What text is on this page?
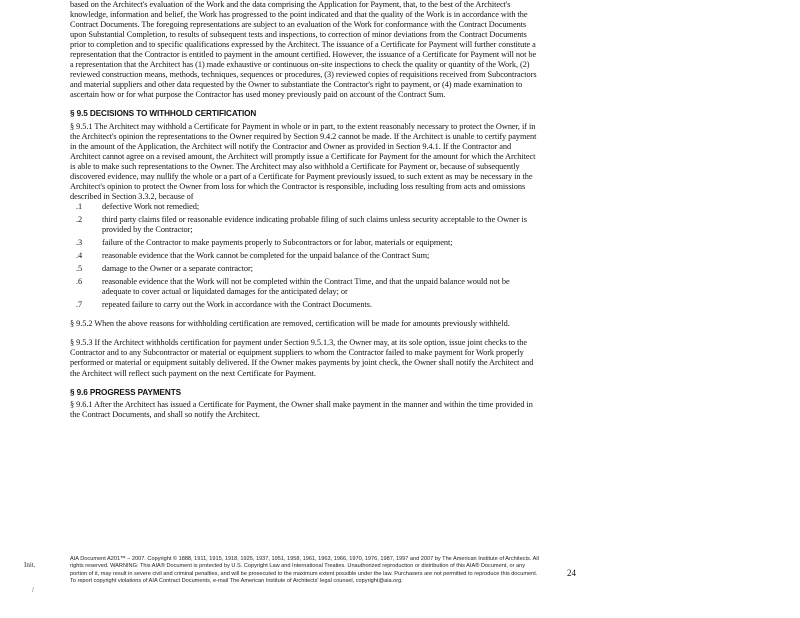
based on the Architect's evaluation of the Work and the data comprising the Application for Payment, that, to the best of the Architect's knowledge, information and belief, the Work has progressed to the point indicated and that the quality of the Work is in accordance with the Contract Documents. The foregoing representations are subject to an evaluation of the Work for conformance with the Contract Documents upon Substantial Completion, to results of subsequent tests and inspections, to correction of minor deviations from the Contract Documents prior to completion and to specific qualifications expressed by the Architect. The issuance of a Certificate for Payment will further constitute a representation that the Contractor is entitled to payment in the amount certified. However, the issuance of a Certificate for Payment will not be a representation that the Architect has (1) made exhaustive or continuous on-site inspections to check the quality or quantity of the Work, (2) reviewed construction means, methods, techniques, sequences or procedures, (3) reviewed copies of requisitions received from Subcontractors and material suppliers and other data requested by the Owner to substantiate the Contractor's right to payment, or (4) made examination to ascertain how or for what purpose the Contractor has used money previously paid on account of the Contract Sum.

§ 9.5 DECISIONS TO WITHHOLD CERTIFICATION

§ 9.5.1 The Architect may withhold a Certificate for Payment in whole or in part, to the extent reasonably necessary to protect the Owner, if in the Architect's opinion the representations to the Owner required by Section 9.4.2 cannot be made. If the Architect is unable to certify payment in the amount of the Application, the Architect will notify the Contractor and Owner as provided in Section 9.4.1. If the Contractor and Architect cannot agree on a revised amount, the Architect will promptly issue a Certificate for Payment for the amount for which the Architect is able to make such representations to the Owner. The Architect may also withhold a Certificate for Payment or, because of subsequently discovered evidence, may nullify the whole or a part of a Certificate for Payment previously issued, to such extent as may be necessary in the Architect's opinion to protect the Owner from loss for which the Contractor is responsible, including loss resulting from acts and omissions described in Section 3.3.2, because of

.1 defective Work not remedied;

.2 third party claims filed or reasonable evidence indicating probable filing of such claims unless security acceptable to the Owner is provided by the Contractor;

.3 failure of the Contractor to make payments properly to Subcontractors or for labor, materials or equipment;

.4 reasonable evidence that the Work cannot be completed for the unpaid balance of the Contract Sum;

.5 damage to the Owner or a separate contractor;

.6 reasonable evidence that the Work will not be completed within the Contract Time, and that the unpaid balance would not be adequate to cover actual or liquidated damages for the anticipated delay; or

.7 repeated failure to carry out the Work in accordance with the Contract Documents.

§ 9.5.2 When the above reasons for withholding certification are removed, certification will be made for amounts previously withheld.

§ 9.5.3 If the Architect withholds certification for payment under Section 9.5.1.3, the Owner may, at its sole option, issue joint checks to the Contractor and to any Subcontractor or material or equipment suppliers to whom the Contractor failed to make payment for Work properly performed or material or equipment suitably delivered. If the Owner makes payments by joint check, the Owner shall notify the Architect and the Architect will reflect such payment on the next Certificate for Payment.

§ 9.6 PROGRESS PAYMENTS

§ 9.6.1 After the Architect has issued a Certificate for Payment, the Owner shall make payment in the manner and within the time provided in the Contract Documents, and shall so notify the Architect.

Init.
/
AIA Document A201™ – 2007. Copyright © 1888, 1911, 1915, 1918, 1925, 1937, 1951, 1958, 1961, 1963, 1966, 1970, 1976, 1987, 1997 and 2007 by The American Institute of Architects. All rights reserved. WARNING: This AIA® Document is protected by U.S. Copyright Law and International Treaties. Unauthorized reproduction or distribution of this AIA® Document, or any portion of it, may result in severe civil and criminal penalties, and will be prosecuted to the maximum extent possible under the law. Purchasers are not permitted to reproduce this document. To report copyright violations of AIA Contract Documents, e-mail The American Institute of Architects' legal counsel, copyright@aia.org.
24
